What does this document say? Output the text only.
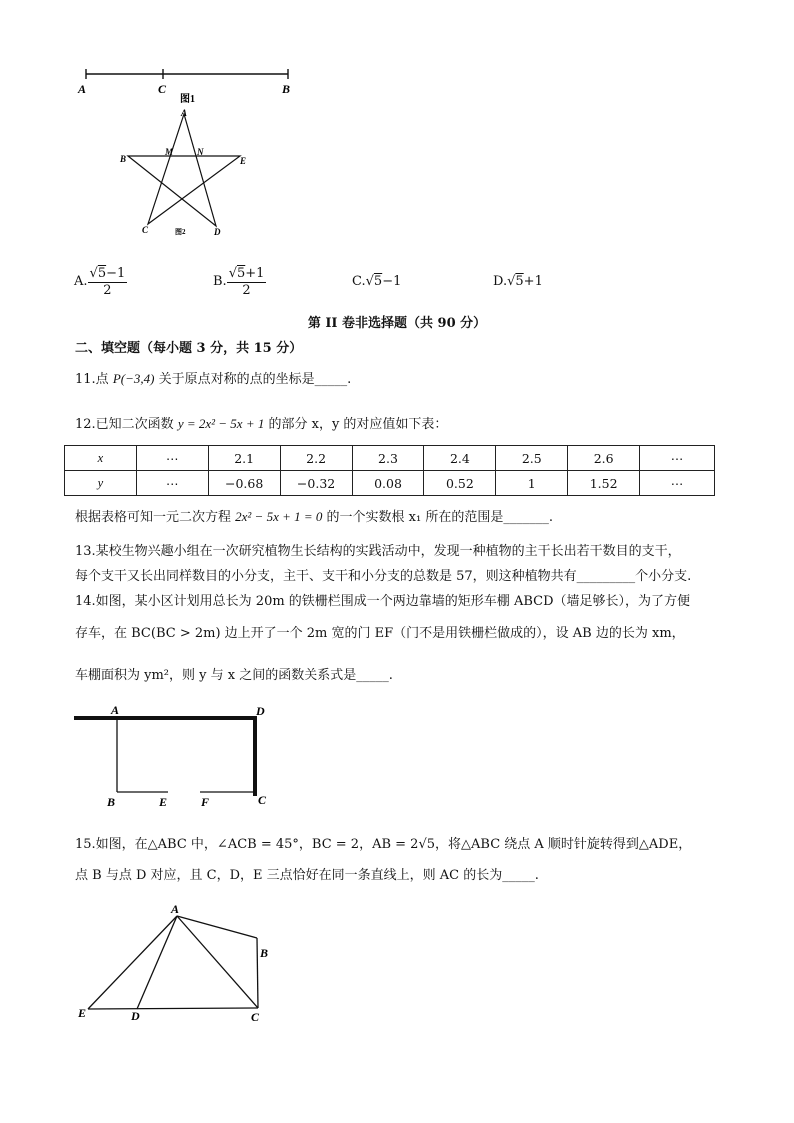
A	C	B
图1
A
B
M	N
E
C	D
图2
A. $\frac{√5-1}{2}$	B. $\frac{√5+1}{2}$	C.√5−1	D.√5+1
第 II 卷非选择题（共 90 分）
二、填空题（每小题 3 分，共 15 分）
11.点 P(−3,4) 关于原点对称的点的坐标是_____.
12.已知二次函数 y = 2x² − 5x + 1 的部分 x，y 的对应值如下表：
x	⋯	2.1	2.2	2.3	2.4	2.5	2.6	⋯
y	⋯	−0.68	−0.32	0.08	0.52	1	1.52	⋯
根据表格可知一元二次方程 2x² − 5x + 1 = 0 的一个实数根 x₁ 所在的范围是_______.
13.某校生物兴趣小组在一次研究植物生长结构的实践活动中，发现一种植物的主干长出若干数目的支干，
每个支干又长出同样数目的小分支，主干、支干和小分支的总数是 57，则这种植物共有_________个小分支.
14.如图，某小区计划用总长为 20m 的铁栅栏围成一个两边靠墙的矩形车棚 ABCD（墙足够长），为了方便
存车，在 BC(BC > 2m) 边上开了一个 2m 宽的门 EF（门不是用铁栅栏做成的），设 AB 边的长为 xm，
车棚面积为 ym²，则 y 与 x 之间的函数关系式是_____.
A	D
B	E	F	C
15.如图，在△ABC 中，∠ACB = 45°，BC = 2，AB = 2√5，将△ABC 绕点 A 顺时针旋转得到△ADE，
点 B 与点 D 对应，且 C，D，E 三点恰好在同一条直线上，则 AC 的长为_____.
A
B
E	D	C
